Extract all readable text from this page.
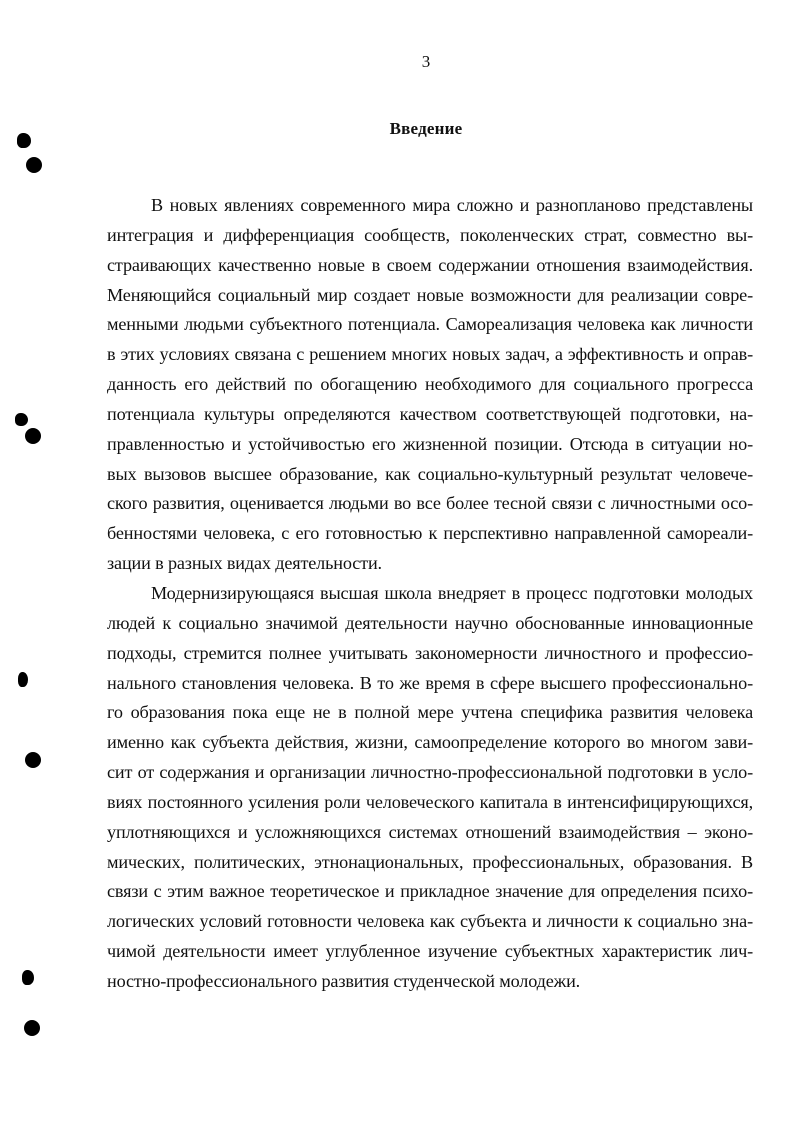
3
Введение
В новых явлениях современного мира сложно и разнопланово представлены
интеграция и дифференциация сообществ, поколенческих страт, совместно вы-
страивающих качественно новые в своем содержании отношения взаимодействия.
Меняющийся социальный мир создает новые возможности для реализации совре-
менными людьми субъектного потенциала. Самореализация человека как личности
в этих условиях связана с решением многих новых задач, а эффективность и оправ-
данность его действий по обогащению необходимого для социального прогресса
потенциала культуры определяются качеством соответствующей подготовки, на-
правленностью и устойчивостью его жизненной позиции. Отсюда в ситуации но-
вых вызовов высшее образование, как социально-культурный результат человече-
ского развития, оценивается людьми во все более тесной связи с личностными осо-
бенностями человека, с его готовностью к перспективно направленной самореали-
зации в разных видах деятельности.
Модернизирующаяся высшая школа внедряет в процесс подготовки молодых
людей к социально значимой деятельности научно обоснованные инновационные
подходы, стремится полнее учитывать закономерности личностного и профессио-
нального становления человека. В то же время в сфере высшего профессионально-
го образования пока еще не в полной мере учтена специфика развития человека
именно как субъекта действия, жизни, самоопределение которого во многом зави-
сит от содержания и организации личностно-профессиональной подготовки в усло-
виях постоянного усиления роли человеческого капитала в интенсифицирующихся,
уплотняющихся и усложняющихся системах отношений взаимодействия – эконо-
мических, политических, этнонациональных, профессиональных, образования. В
связи с этим важное теоретическое и прикладное значение для определения психо-
логических условий готовности человека как субъекта и личности к социально зна-
чимой деятельности имеет углубленное изучение субъектных характеристик лич-
ностно-профессионального развития студенческой молодежи.
